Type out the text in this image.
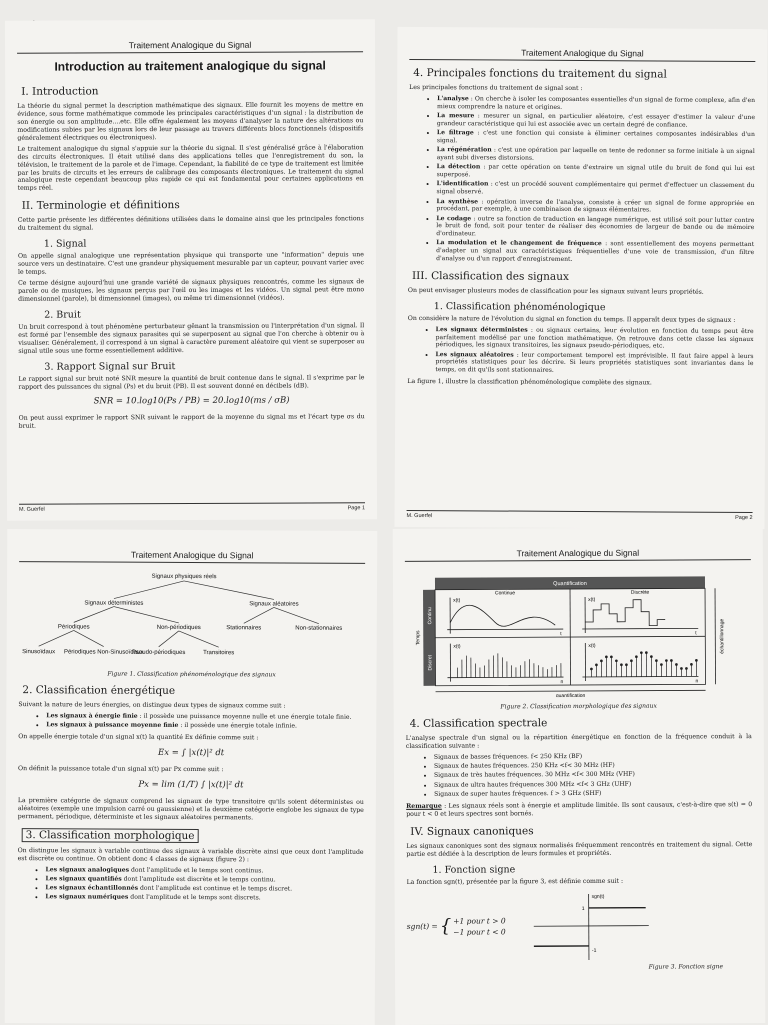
Traitement Analogique du Signal
Introduction au traitement analogique du signal
I. Introduction

La théorie du signal permet la description mathématique des signaux. Elle fournit les moyens de mettre en évidence, sous forme mathématique commode les principales caractéristiques d'un signal : la distribution de son énergie ou son amplitude....etc. Elle offre également les moyens d'analyser la nature des altérations ou modifications subies par les signaux lors de leur passage au travers différents blocs fonctionnels (dispositifs généralement électriques ou électroniques).

Le traitement analogique du signal s'appuie sur la théorie du signal. Il s'est généralisé grâce à l'élaboration des circuits électroniques. Il était utilisé dans des applications telles que l'enregistrement du son, la télévision, le traitement de la parole et de l'image. Cependant, la fiabilité de ce type de traitement est limitée par les bruits de circuits et les erreurs de calibrage des composants électroniques. Le traitement du signal analogique reste cependant beaucoup plus rapide ce qui est fondamental pour certaines applications en temps réel.

II. Terminologie et définitions

Cette partie présente les différentes définitions utilisées dans le domaine ainsi que les principales fonctions du traitement du signal.

1. Signal

On appelle signal analogique une représentation physique qui transporte une "information" depuis une source vers un destinataire. C'est une grandeur physiquement mesurable par un capteur, pouvant varier avec le temps.

Ce terme désigne aujourd'hui une grande variété de signaux physiques rencontrés, comme les signaux de parole ou de musiques, les signaux perçus par l'œil ou les images et les vidéos. Un signal peut être mono dimensionnel (parole), bi dimensionnel (images), ou même tri dimensionnel (vidéos).

2. Bruit

Un bruit correspond à tout phénomène perturbateur gênant la transmission ou l'interprétation d'un signal. Il est formé par l'ensemble des signaux parasites qui se superposent au signal que l'on cherche à obtenir ou à visualiser. Généralement, il correspond à un signal à caractère purement aléatoire qui vient se superposer au signal utile sous une forme essentiellement additive.

3. Rapport Signal sur Bruit

Le rapport signal sur bruit noté SNR mesure la quantité de bruit contenue dans le signal. Il s'exprime par le rapport des puissances du signal (Ps) et du bruit (PB). Il est souvent donné en décibels (dB).

SNR = 10.log10(Ps / PB) = 20.log10(ms / σB)

On peut aussi exprimer le rapport SNR suivant le rapport de la moyenne du signal ms et l'écart type σs du bruit.

M. Guerfel	Page 1
Traitement Analogique du Signal
4. Principales fonctions du traitement du signal

Les principales fonctions du traitement de signal sont :

• L'analyse : On cherche à isoler les composantes essentielles d'un signal de forme complexe, afin d'en mieux comprendre la nature et origines.
• La mesure : mesurer un signal, en particulier aléatoire, c'est essayer d'estimer la valeur d'une grandeur caractéristique qui lui est associée avec un certain degré de confiance.
• Le filtrage : c'est une fonction qui consiste à éliminer certaines composantes indésirables d'un signal.
• La régénération : c'est une opération par laquelle on tente de redonner sa forme initiale à un signal ayant subi diverses distorsions.
• La détection : par cette opération on tente d'extraire un signal utile du bruit de fond qui lui est superposé.
• L'identification : c'est un procédé souvent complémentaire qui permet d'effectuer un classement du signal observé.
• La synthèse : opération inverse de l'analyse, consiste à créer un signal de forme appropriée en procédant, par exemple, à une combinaison de signaux élémentaires.
• Le codage : outre sa fonction de traduction en langage numérique, est utilisé soit pour lutter contre le bruit de fond, soit pour tenter de réaliser des économies de largeur de bande ou de mémoire d'ordinateur.
• La modulation et le changement de fréquence : sont essentiellement des moyens permettant d'adapter un signal aux caractéristiques fréquentielles d'une voie de transmission, d'un filtre d'analyse ou d'un rapport d'enregistrement.
III. Classification des signaux

On peut envisager plusieurs modes de classification pour les signaux suivant leurs propriétés.

1. Classification phénoménologique

On considère la nature de l'évolution du signal en fonction du temps. Il apparaît deux types de signaux :

• Les signaux déterministes : ou signaux certains, leur évolution en fonction du temps peut être parfaitement modélisé par une fonction mathématique. On retrouve dans cette classe les signaux périodiques, les signaux transitoires, les signaux pseudo-périodiques, etc.
• Les signaux aléatoires : leur comportement temporel est imprévisible. Il faut faire appel à leurs propriétés statistiques pour les décrire. Si leurs propriétés statistiques sont invariantes dans le temps, on dit qu'ils sont stationnaires.

La figure 1, illustre la classification phénoménologique complète des signaux.

M. Guerfel	Page 2
Traitement Analogique du Signal
Signaux physiques réels
Signaux déterministes	Signaux aléatoires
Périodiques	Non-périodiques	Stationnaires	Non-stationnaires
Sinusoïdaux Périodiques Non-Sinusoïdaux
Pseudo-périodiques	Transitoires
Figure 1. Classification phénoménologique des signaux
2. Classification énergétique

Suivant la nature de leurs énergies, on distingue deux types de signaux comme suit :

• Les signaux à énergie finie : il possède une puissance moyenne nulle et une énergie totale finie.
• Les signaux à puissance moyenne finie : il possède une énergie totale infinie.

On appelle énergie totale d'un signal x(t) la quantité Ex définie comme suit :

Ex = ∫ |x(t)|² dt

On définit la puissance totale d'un signal x(t) par Px comme suit :

Px = lim (1/T) ∫ |x(t)|² dt

La première catégorie de signaux comprend les signaux de type transitoire qu'ils soient déterministes ou aléatoires (exemple une impulsion carré ou gaussienne) et la deuxième catégorie englobe les signaux de type permanent, périodique, déterministe et les signaux aléatoires permanents.

3. Classification morphologique

On distingue les signaux à variable continue des signaux à variable discrète ainsi que ceux dont l'amplitude est discrète ou continue. On obtient donc 4 classes de signaux (figure 2) :

• Les signaux analogiques dont l'amplitude et le temps sont continus.
• Les signaux quantifiés dont l'amplitude est discrète et le temps continu.
• Les signaux échantillonnés dont l'amplitude est continue et le temps discret.
• Les signaux numériques dont l'amplitude et le temps sont discrets.
Traitement Analogique du Signal
Quantification
Continue	Discrète
Continu
Discret
Temps
x(t)	x(t)
x(t)	x(t)
t	t
n	n
échantillonnage
quantification
Figure 2. Classification morphologique des signaux
4. Classification spectrale

L'analyse spectrale d'un signal ou la répartition énergétique en fonction de la fréquence conduit à la classification suivante :

• Signaux de basses fréquences. f< 250 KHz (BF)
• Signaux de hautes fréquences. 250 KHz <f< 30 MHz (HF)
• Signaux de très hautes fréquences. 30 MHz <f< 300 MHz (VHF)
• Signaux de ultra hautes fréquences 300 MHz <f< 3 GHz (UHF)
• Signaux de super hautes fréquences. f > 3 GHz (SHF)

Remarque : Les signaux réels sont à énergie et amplitude limitée. Ils sont causaux, c'est-à-dire que s(t) = 0 pour t < 0 et leurs spectres sont bornés.

IV. Signaux canoniques

Les signaux canoniques sont des signaux normalisés fréquemment rencontrés en traitement du signal. Cette partie est dédiée à la description de leurs formules et propriétés.

1. Fonction signe

La fonction sgn(t), présentée par la figure 3, est définie comme suit :

sgn(t) = { +1 pour t > 0
−1 pour t < 0
sgn(t)
1
-1
Figure 3. Fonction signe
